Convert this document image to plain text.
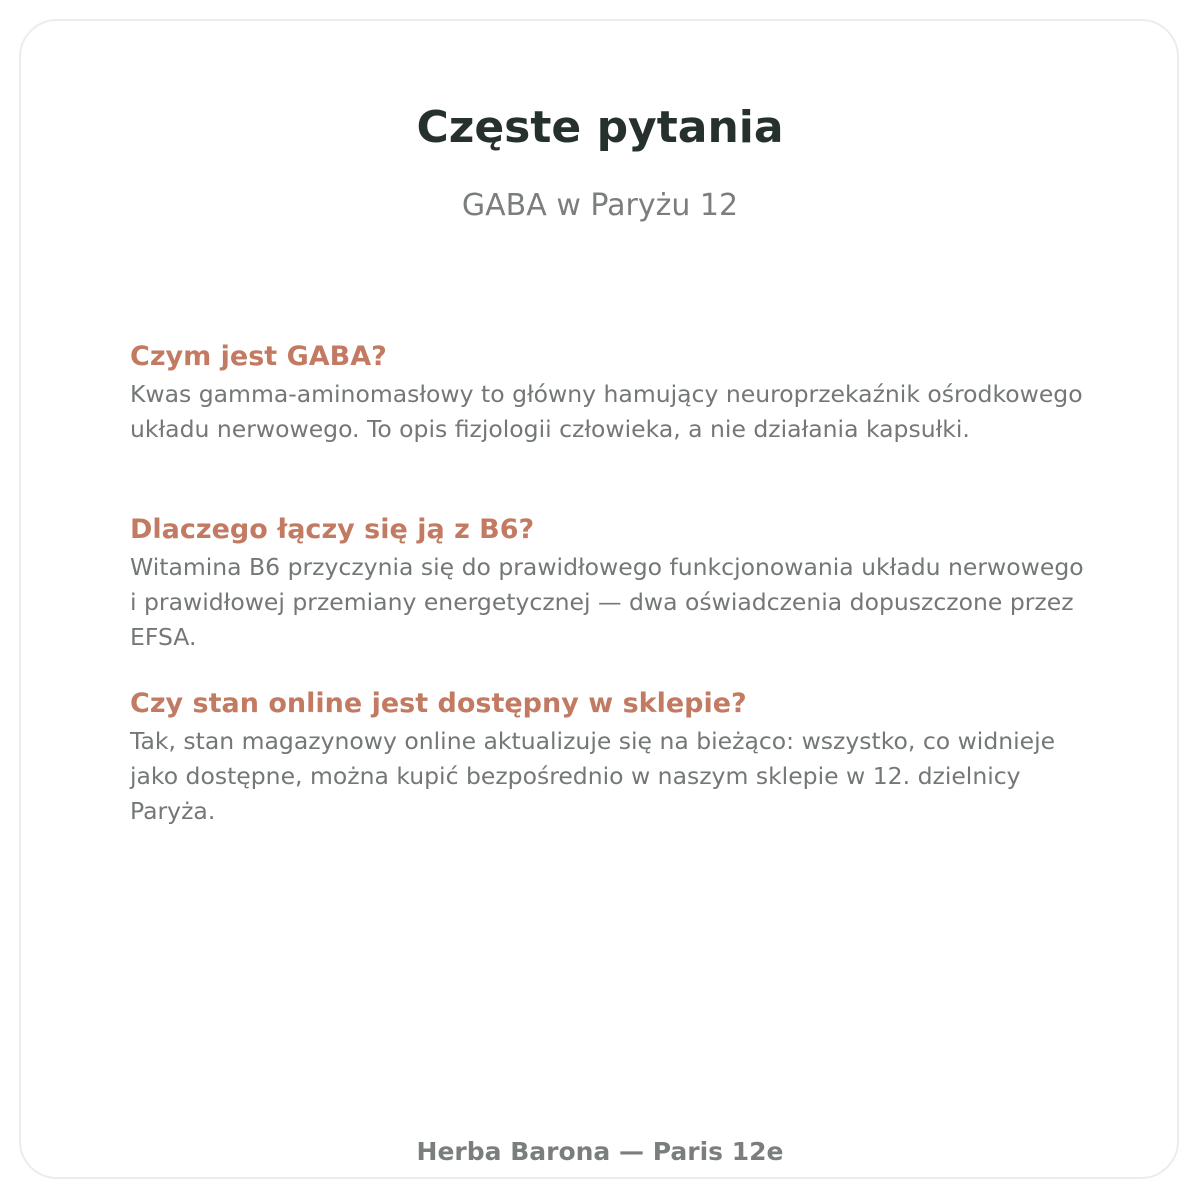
Częste pytania

GABA w Paryżu 12

Czym jest GABA?

Kwas gamma-aminomasłowy to główny hamujący neuroprzekaźnik ośrodkowego układu nerwowego. To opis fizjologii człowieka, a nie działania kapsułki.

Dlaczego łączy się ją z B6?

Witamina B6 przyczynia się do prawidłowego funkcjonowania układu nerwowego i prawidłowej przemiany energetycznej — dwa oświadczenia dopuszczone przez EFSA.

Czy stan online jest dostępny w sklepie?

Tak, stan magazynowy online aktualizuje się na bieżąco: wszystko, co widnieje jako dostępne, można kupić bezpośrednio w naszym sklepie w 12. dzielnicy Paryża.

Herba Barona — Paris 12e
